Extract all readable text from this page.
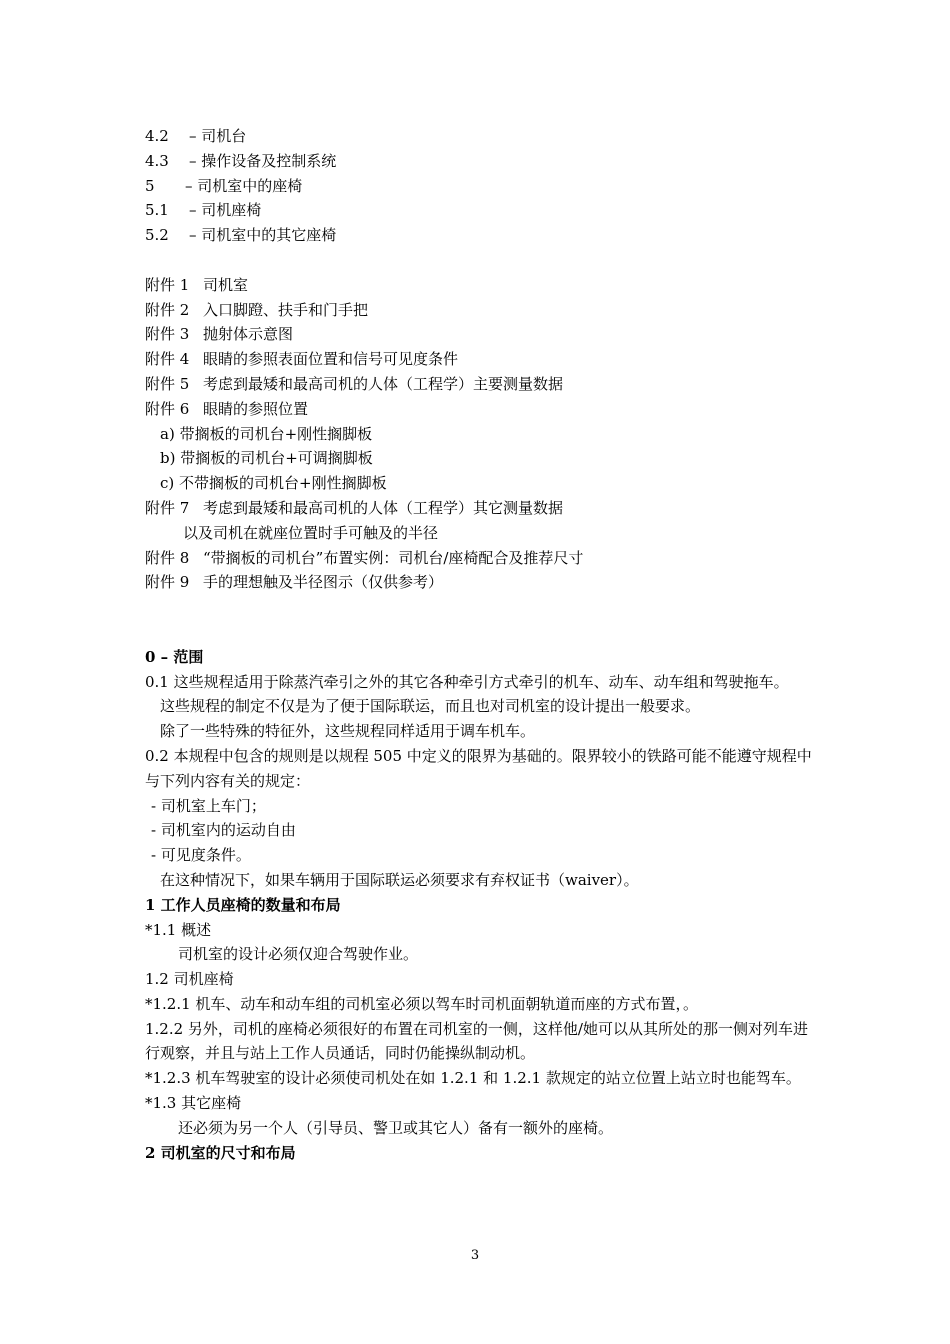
4.2 – 司机台

4.3 – 操作设备及控制系统

5 – 司机室中的座椅

5.1 – 司机座椅

5.2 – 司机室中的其它座椅

附件 1 司机室

附件 2 入口脚蹬、扶手和门手把

附件 3 抛射体示意图

附件 4 眼睛的参照表面位置和信号可见度条件

附件 5 考虑到最矮和最高司机的人体（工程学）主要测量数据

附件 6 眼睛的参照位置

a) 带搁板的司机台+刚性搁脚板

b) 带搁板的司机台+可调搁脚板

c) 不带搁板的司机台+刚性搁脚板

附件 7 考虑到最矮和最高司机的人体（工程学）其它测量数据

以及司机在就座位置时手可触及的半径

附件 8 “带搁板的司机台”布置实例：司机台/座椅配合及推荐尺寸

附件 9 手的理想触及半径图示（仅供参考）

0 – 范围

0.1 这些规程适用于除蒸汽牵引之外的其它各种牵引方式牵引的机车、动车、动车组和驾驶拖车。

这些规程的制定不仅是为了便于国际联运，而且也对司机室的设计提出一般要求。

除了一些特殊的特征外，这些规程同样适用于调车机车。

0.2 本规程中包含的规则是以规程 505 中定义的限界为基础的。限界较小的铁路可能不能遵守规程中与下列内容有关的规定：

- 司机室上车门；

- 司机室内的运动自由

- 可见度条件。

在这种情况下，如果车辆用于国际联运必须要求有弃权证书（waiver）。

1 工作人员座椅的数量和布局

*1.1 概述

司机室的设计必须仅迎合驾驶作业。

1.2 司机座椅

*1.2.1 机车、动车和动车组的司机室必须以驾车时司机面朝轨道而座的方式布置，。

1.2.2 另外，司机的座椅必须很好的布置在司机室的一侧，这样他/她可以从其所处的那一侧对列车进行观察，并且与站上工作人员通话，同时仍能操纵制动机。

*1.2.3 机车驾驶室的设计必须使司机处在如 1.2.1 和 1.2.1 款规定的站立位置上站立时也能驾车。

*1.3 其它座椅

还必须为另一个人（引导员、警卫或其它人）备有一额外的座椅。

2 司机室的尺寸和布局

3
